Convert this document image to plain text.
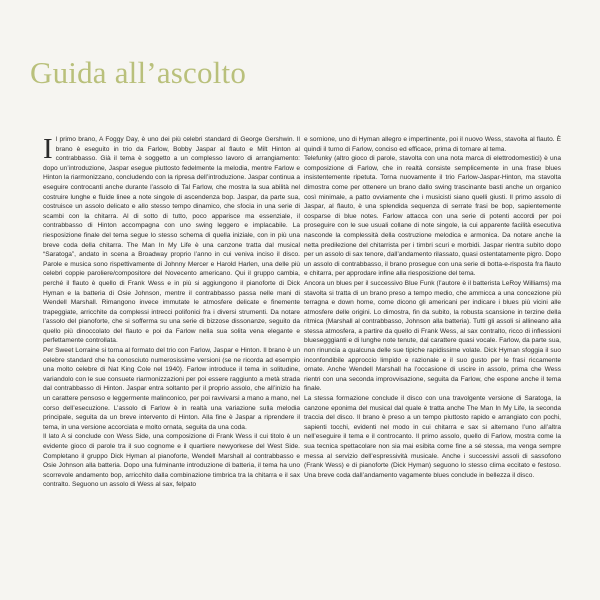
Guida all’ascolto

Il primo brano, A Foggy Day, è uno dei più celebri standard di George Gershwin. Il brano è eseguito in trio da Farlow, Bobby Jaspar al flauto e Milt Hinton al contrabbasso. Già il tema è soggetto a un complesso lavoro di arrangiamento: dopo un’introduzione, Jaspar esegue piuttosto fedelmente la melodia, mentre Farlow e Hinton la riarmonizzano, concludendo con la ripresa dell’introduzione. Jaspar continua a eseguire controcanti anche durante l’assolo di Tal Farlow, che mostra la sua abilità nel costruire lunghe e fluide linee a note singole di ascendenza bop. Jaspar, da parte sua, costruisce un assolo delicato e allo stesso tempo dinamico, che sfocia in una serie di scambi con la chitarra. Al di sotto di tutto, poco apparisce ma essenziale, il contrabbasso di Hinton accompagna con uno swing leggero e implacabile. La riesposizione finale del tema segue lo stesso schema di quella iniziale, con in più una breve coda della chitarra. The Man In My Life è una canzone tratta dal musical “Saratoga”, andato in scena a Broadway proprio l’anno in cui venivа inciso il disco. Parole e musica sono rispettivamente di Johnny Mercer e Harold Harlen, una delle più celebri coppie paroliere/compositore del Novecento americano. Qui il gruppo cambia, perché il flauto è quello di Frank Wess e in più si aggiungono il pianoforte di Dick Hyman e la batteria di Osie Johnson, mentre il contrabbasso passa nelle mani di Wendell Marshall. Rimangono invece immutate le atmosfere delicate e finemente trapeggiate, arricchite da complessi intrecci polifonici fra i diversi strumenti. Da notare l’assolo del pianoforte, che si sofferma su una serie di bizzose dissonanze, seguito da quello più dinoccolato del flauto e poi da Farlow nella sua solita vena elegante e perfettamente controllata.

Per Sweet Lorraine si torna al formato del trio con Farlow, Jaspar e Hinton. Il brano è un celebre standard che ha conosciuto numerosissime versioni (se ne ricorda ad esempio una molto celebre di Nat King Cole nel 1940). Farlow introduce il tema in solitudine, variandolo con le sue consuete riarmonizzazioni per poi essere raggiunto a metà strada dal contrabbasso di Hinton. Jaspar entra soltanto per il proprio assolo, che all’inizio ha un carattere pensoso e leggermente malinconico, per poi ravvivarsi a mano a mano, nel corso dell’esecuzione. L’assolo di Farlow è in realtà una variazione sulla melodia principale, seguita da un breve intervento di Hinton. Alla fine è Jaspar a riprendere il tema, in una versione accorciata e molto ornata, seguita da una coda.

Il lato A si conclude con Wess Side, una composizione di Frank Wess il cui titolo è un evidente gioco di parole tra il suo cognome e il quartiere newyorkese del West Side. Completano il gruppo Dick Hyman al pianoforte, Wendell Marshall al contrabbasso e Osie Johnson alla batteria. Dopo una fulminante introduzione di batteria, il tema ha uno scorrevole andamento bop, arricchito dalla combinazione timbrica tra la chitarra e il sax contralto. Seguono un assolo di Wess al sax, felpato

e sornione, uno di Hyman allegro e impertinente, poi il nuovo Wess, stavolta al flauto. È quindi il turno di Farlow, conciso ed efficace, prima di tornare al tema.

Telefunky (altro gioco di parole, stavolta con una nota marca di elettrodomestici) è una composizione di Farlow, che in realtà consiste semplicemente in una frase blues insistentemente ripetuta. Torna nuovamente il trio Farlow-Jaspar-Hinton, ma stavolta dimostra come per ottenere un brano dallo swing trascinante basti anche un organico così minimale, a patto ovviamente che i musicisti siano quelli giusti. Il primo assolo di Jaspar, al flauto, è una splendida sequenza di serrate frasi be bop, sapientemente cosparse di blue notes. Farlow attacca con una serie di potenti accordi per poi proseguire con le sue usuali collane di note singole, la cui apparente facilità esecutiva nasconde la complessità della costruzione melodica e armonica. Da notare anche la netta predilezione del chitarrista per i timbri scuri e morbidi. Jaspar rientra subito dopo per un assolo di sax tenore, dall’andamento rilassato, quasi ostentatamente pigro. Dopo un assolo di contrabbasso, il brano prosegue con una serie di botta-e-risposta fra flauto e chitarra, per approdare infine alla riesposizione del tema.

Ancora un blues per il successivo Blue Funk (l’autore è il batterista LeRoy Williams) ma stavolta si tratta di un brano preso a tempo medio, che ammicca a una concezione più terragna e down home, come dicono gli americani per indicare i blues più vicini alle atmosfere delle origini. Lo dimostra, fin da subito, la robusta scansione in terzine della ritmica (Marshall al contrabbasso, Johnson alla batteria). Tutti gli assoli si allineano alla stessa atmosfera, a partire da quello di Frank Wess, al sax contralto, ricco di inflessioni bluesegggianti e di lunghe note tenute, dal carattere quasi vocale. Farlow, da parte sua, non rinuncia a qualcuna delle sue tipiche rapidissime volate. Dick Hyman sfoggia il suo inconfondibile approccio limpido e razionale e il suo gusto per le frasi riccamente ornate. Anche Wendell Marshall ha l’occasione di uscire in assolo, prima che Wess rientri con una seconda improvvisazione, seguita da Farlow, che espone anche il tema finale.

La stessa formazione conclude il disco con una travolgente versione di Saratoga, la canzone eponima del musical dal quale è tratta anche The Man In My Life, la seconda traccia del disco. Il brano è preso a un tempo piuttosto rapido e arrangiato con pochi, sapienti tocchi, evidenti nel modo in cui chitarra e sax si alternano l’uno all’altra nell’eseguire il tema e il controcanto. Il primo assolo, quello di Farlow, mostra come la sua tecnica spettacolare non sia mai esibita come fine a sé stessa, ma venga sempre messa al servizio dell’espressività musicale. Anche i successivi assoli di sassofono (Frank Wess) e di pianoforte (Dick Hyman) seguono lo stesso clima eccitato e festoso. Una breve coda dall’andamento vagamente blues conclude in bellezza il disco.
